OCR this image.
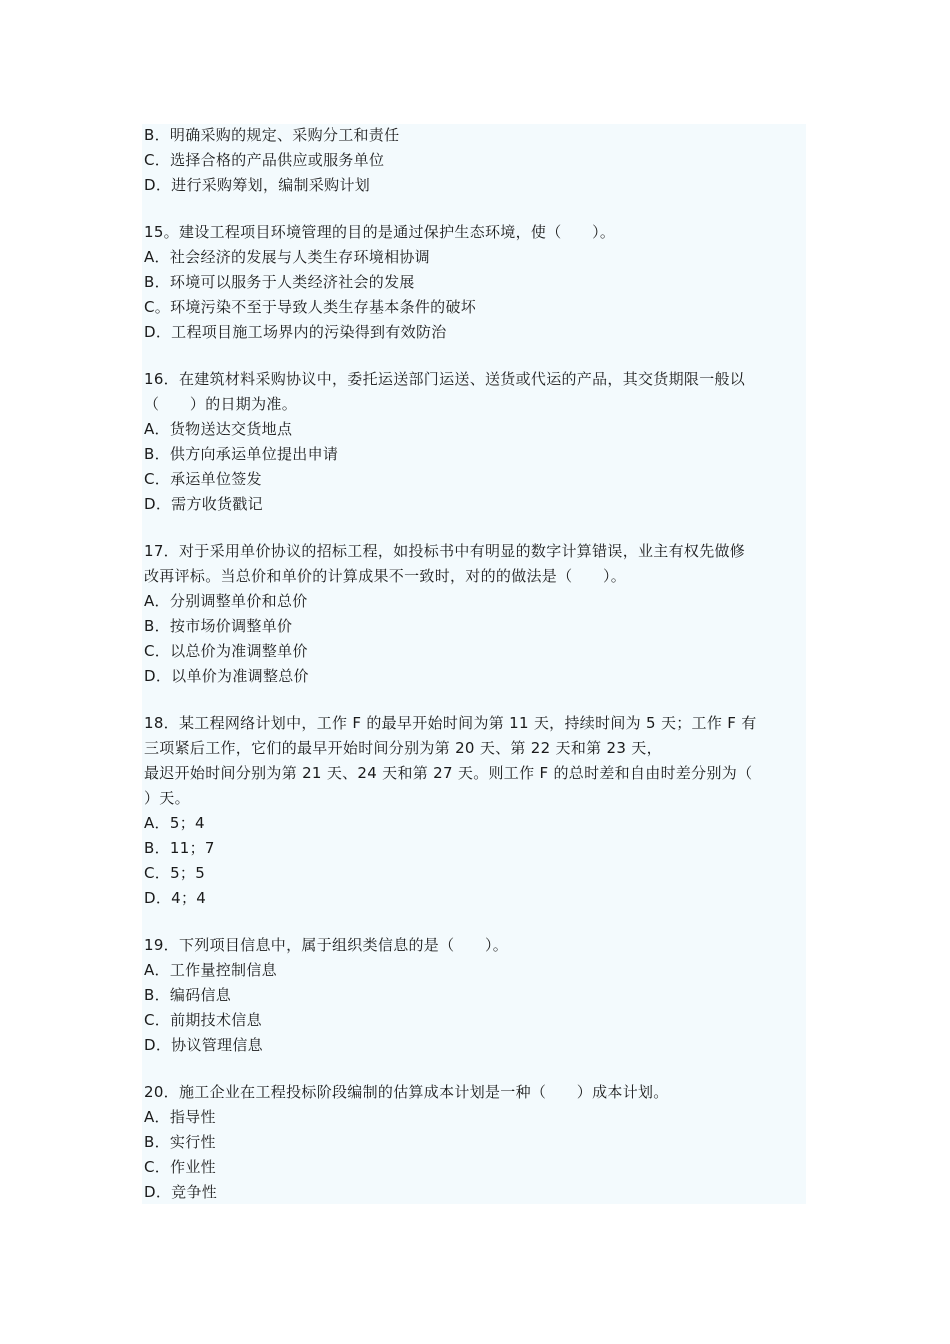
B．明确采购的规定、采购分工和责任
C．选择合格的产品供应或服务单位
D．进行采购筹划，编制采购计划
15。建设工程项目环境管理的目的是通过保护生态环境，使（　　）。
A．社会经济的发展与人类生存环境相协调
B．环境可以服务于人类经济社会的发展
C。环境污染不至于导致人类生存基本条件的破坏
D．工程项目施工场界内的污染得到有效防治
16．在建筑材料采购协议中，委托运送部门运送、送货或代运的产品，其交货期限一般以
（　　）的日期为准。
A．货物送达交货地点
B．供方向承运单位提出申请
C．承运单位签发
D．需方收货戳记
17．对于采用单价协议的招标工程，如投标书中有明显的数字计算错误，业主有权先做修
改再评标。当总价和单价的计算成果不一致时，对的的做法是（　　）。
A．分别调整单价和总价
B．按市场价调整单价
C．以总价为准调整单价
D．以单价为准调整总价
18．某工程网络计划中，工作 F 的最早开始时间为第 11 天，持续时间为 5 天；工作 F 有
三项紧后工作，它们的最早开始时间分别为第 20 天、第 22 天和第 23 天，
最迟开始时间分别为第 21 天、24 天和第 27 天。则工作 F 的总时差和自由时差分别为（
）天。
A．5；4
B．11；7
C．5；5
D．4；4
19．下列项目信息中，属于组织类信息的是（　　）。
A．工作量控制信息
B．编码信息
C．前期技术信息
D．协议管理信息
20．施工企业在工程投标阶段编制的估算成本计划是一种（　　）成本计划。
A．指导性
B．实行性
C．作业性
D．竞争性
